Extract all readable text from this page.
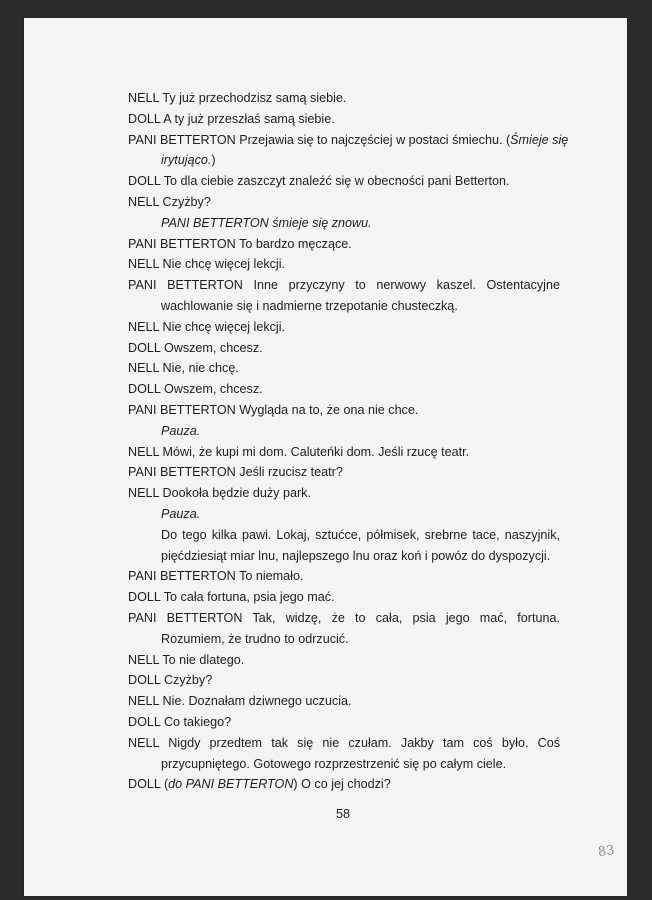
NELL Ty już przechodzisz samą siebie.
DOLL A ty już przeszłaś samą siebie.
PANI BETTERTON Przejawia się to najczęściej w postaci śmiechu. (Śmieje się
irytująco.)
DOLL To dla ciebie zaszczyt znaleźć się w obecności pani Betterton.
NELL Czyżby?
PANI BETTERTON śmieje się znowu.
PANI BETTERTON To bardzo męczące.
NELL Nie chcę więcej lekcji.
PANI BETTERTON Inne przyczyny to nerwowy kaszel. Ostentacyjne wachlowanie się i nadmierne trzepotanie chusteczką.
NELL Nie chcę więcej lekcji.
DOLL Owszem, chcesz.
NELL Nie, nie chcę.
DOLL Owszem, chcesz.
PANI BETTERTON Wygląda na to, że ona nie chce.
Pauza.
NELL Mówi, że kupi mi dom. Caluteńki dom. Jeśli rzucę teatr.
PANI BETTERTON Jeśli rzucisz teatr?
NELL Dookoła będzie duży park.
Pauza.
Do tego kilka pawi. Lokaj, sztućce, półmisek, srebrne tace, naszyjnik, pięćdziesiąt miar lnu, najlepszego lnu oraz koń i powóz do dyspozycji.
PANI BETTERTON To niemało.
DOLL To cała fortuna, psia jego mać.
PANI BETTERTON Tak, widzę, że to cała, psia jego mać, fortuna. Rozumiem, że trudno to odrzucić.
NELL To nie dlatego.
DOLL Czyżby?
NELL Nie. Doznałam dziwnego uczucia.
DOLL Co takiego?
NELL Nigdy przedtem tak się nie czułam. Jakby tam coś było. Coś przycupniętego. Gotowego rozprzestrzenić się po całym ciele.
DOLL (do PANI BETTERTON) O co jej chodzi?
58
83
